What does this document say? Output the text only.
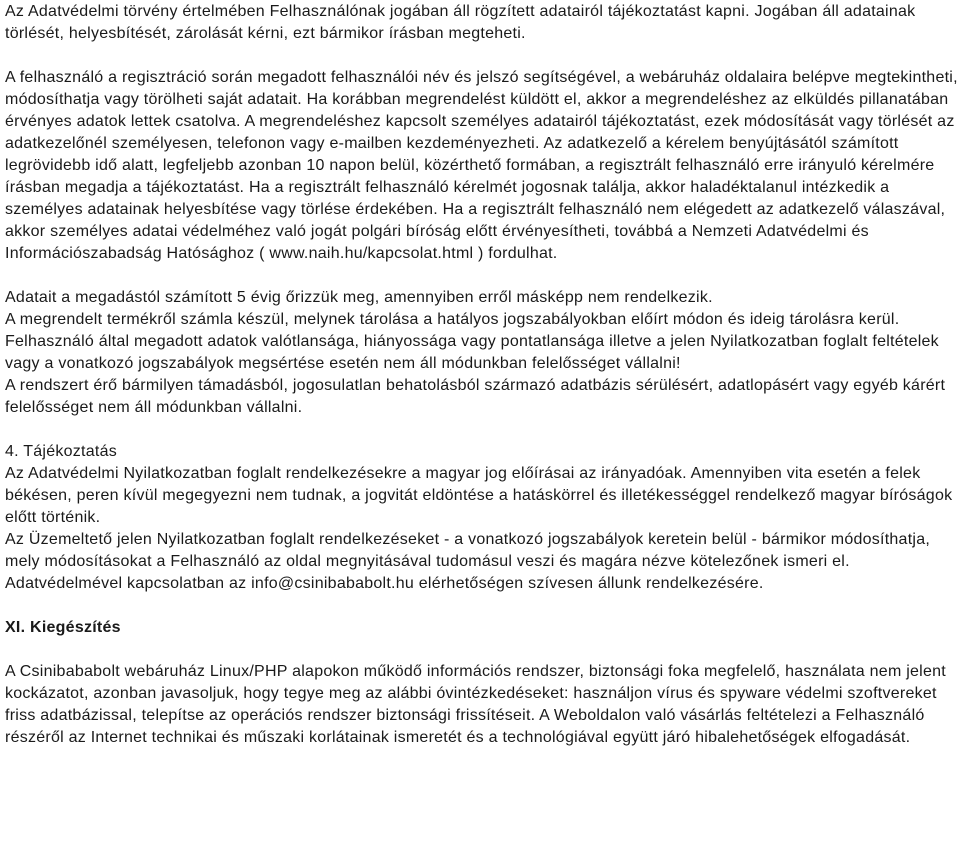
Az Adatvédelmi törvény értelmében Felhasználónak jogában áll rögzített adatairól tájékoztatást kapni. Jogában áll adatainak törlését, helyesbítését, zárolását kérni, ezt bármikor írásban megteheti.

A felhasználó a regisztráció során megadott felhasználói név és jelszó segítségével, a webáruház oldalaira belépve megtekintheti, módosíthatja vagy törölheti saját adatait. Ha korábban megrendelést küldött el, akkor a megrendeléshez az elküldés pillanatában érvényes adatok lettek csatolva. A megrendeléshez kapcsolt személyes adatairól tájékoztatást, ezek módosítását vagy törlését az adatkezelőnél személyesen, telefonon vagy e-mailben kezdeményezheti. Az adatkezelő a kérelem benyújtásától számított legrövidebb idő alatt, legfeljebb azonban 10 napon belül, közérthető formában, a regisztrált felhasználó erre irányuló kérelmére írásban megadja a tájékoztatást. Ha a regisztrált felhasználó kérelmét jogosnak találja, akkor haladéktalanul intézkedik a személyes adatainak helyesbítése vagy törlése érdekében. Ha a regisztrált felhasználó nem elégedett az adatkezelő válaszával, akkor személyes adatai védelméhez való jogát polgári bíróság előtt érvényesítheti, továbbá a Nemzeti Adatvédelmi és Információszabadság Hatósághoz ( www.naih.hu/kapcsolat.html ) fordulhat.

Adatait a megadástól számított 5 évig őrizzük meg, amennyiben erről másképp nem rendelkezik.

A megrendelt termékről számla készül, melynek tárolása a hatályos jogszabályokban előírt módon és ideig tárolásra kerül.

Felhasználó által megadott adatok valótlansága, hiányossága vagy pontatlansága illetve a jelen Nyilatkozatban foglalt feltételek vagy a vonatkozó jogszabályok megsértése esetén nem áll módunkban felelősséget vállalni!

A rendszert érő bármilyen támadásból, jogosulatlan behatolásból származó adatbázis sérülésért, adatlopásért vagy egyéb kárért felelősséget nem áll módunkban vállalni.

4. Tájékoztatás

Az Adatvédelmi Nyilatkozatban foglalt rendelkezésekre a magyar jog előírásai az irányadóak. Amennyiben vita esetén a felek békésen, peren kívül megegyezni nem tudnak, a jogvitát eldöntése a hatáskörrel és illetékességgel rendelkező magyar bíróságok előtt történik.

Az Üzemeltető jelen Nyilatkozatban foglalt rendelkezéseket - a vonatkozó jogszabályok keretein belül - bármikor módosíthatja, mely módosításokat a Felhasználó az oldal megnyitásával tudomásul veszi és magára nézve kötelezőnek ismeri el.

Adatvédelmével kapcsolatban az info@csinibababolt.hu elérhetőségen szívesen állunk rendelkezésére.

XI. Kiegészítés

A Csinibababolt webáruház Linux/PHP alapokon működő információs rendszer, biztonsági foka megfelelő, használata nem jelent kockázatot, azonban javasoljuk, hogy tegye meg az alábbi óvintézkedéseket: használjon vírus és spyware védelmi szoftvereket friss adatbázissal, telepítse az operációs rendszer biztonsági frissítéseit. A Weboldalon való vásárlás feltételezi a Felhasználó részéről az Internet technikai és műszaki korlátainak ismeretét és a technológiával együtt járó hibalehetőségek elfogadását.
